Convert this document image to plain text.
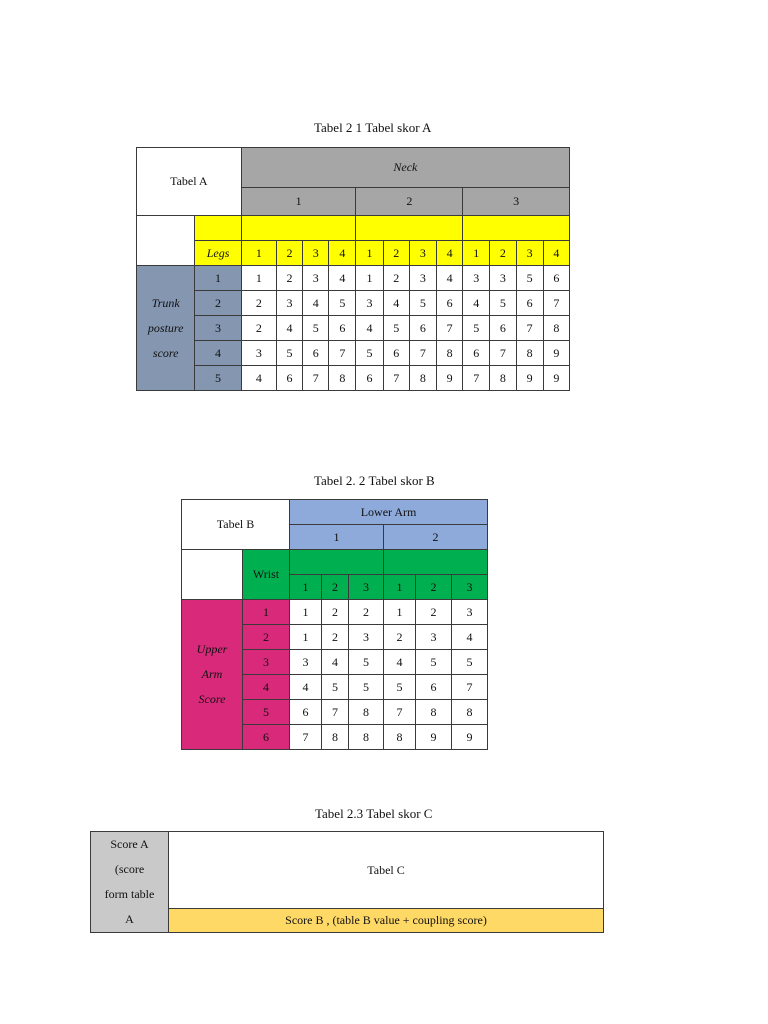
Tabel 2 1 Tabel skor A
Tabel A		Neck											
		1				2				3			

	Legs	1	2	3	4	1	2	3	4	1	2	3	4

Trunk
posture
score	1	1	2	3	4	1	2	3	4	3	3	5	6
	2	2	3	4	5	3	4	5	6	4	5	6	7
	3	2	4	5	6	4	5	6	7	5	6	7	8
	4	3	5	6	7	5	6	7	8	6	7	8	9
	5	4	6	7	8	6	7	8	9	7	8	9	9
Tabel 2. 2 Tabel skor B
Tabel B		Lower Arm					
		1			2		
	Wrist						
		1	2	3	1	2	3

Upper
Arm
Score	1	1	2	2	1	2	3
	2	1	2	3	2	3	4
	3	3	4	5	4	5	5
	4	4	5	5	5	6	7
	5	6	7	8	7	8	8
	6	7	8	8	8	9	9
Tabel 2.3 Tabel skor C
Score A
(score
form table
A
	Tabel C
Score B , (table B value + coupling score)
